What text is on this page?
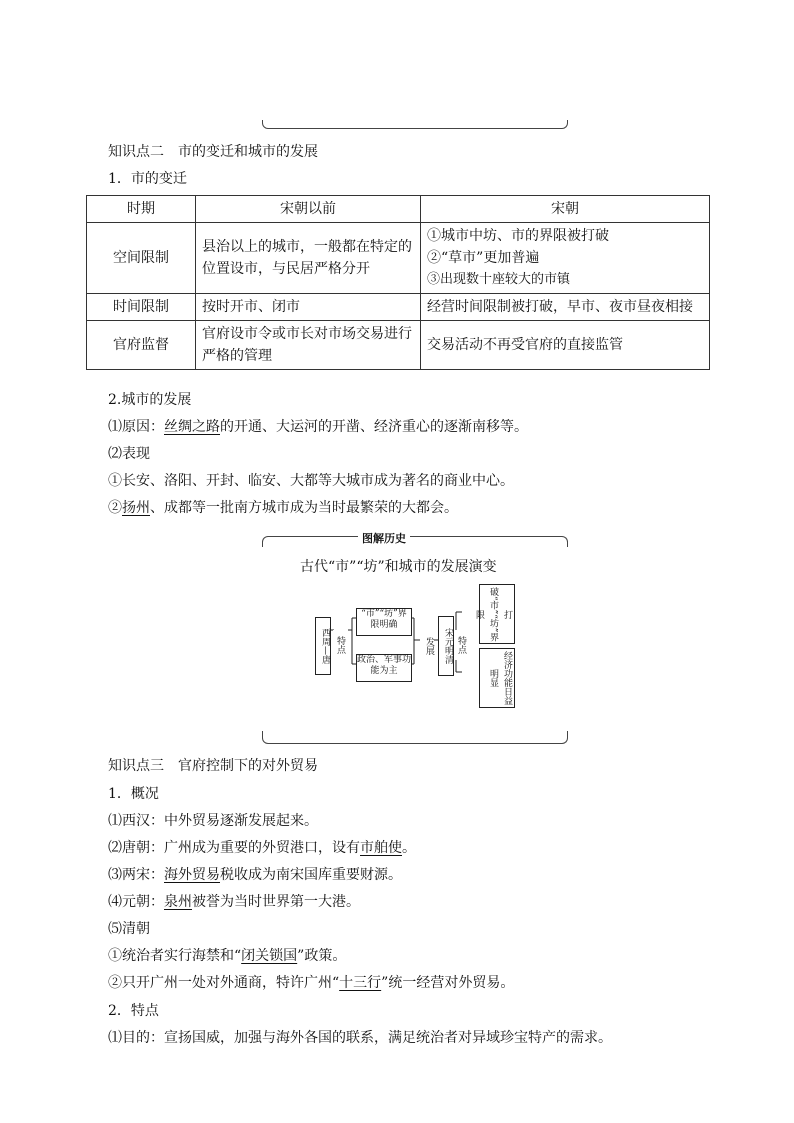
知识点二　市的变迁和城市的发展
1．市的变迁
时期	宋朝以前	宋朝
空间限制	县治以上的城市，一般都在特定的位置设市，与民居严格分开	①城市中坊、市的界限被打破
②“草市”更加普遍
③出现数十座较大的市镇

时间限制	按时开市、闭市	经营时间限制被打破，早市、夜市昼夜相接
官府监督	官府设市令或市长对市场交易进行严格的管理	交易活动不再受官府的直接监管
2.城市的发展
⑴原因：丝绸之路的开通、大运河的开凿、经济重心的逐渐南移等。
⑵表现
①长安、洛阳、开封、临安、大都等大城市成为著名的商业中心。
②扬州、成都等一批南方城市成为当时最繁荣的大都会。
图解历史
古代“市”“坊”和城市的发展演变
西周—唐 特点
“市”“坊”界限明确
政治、军事功能为主
发展	宋元明清 特点
打破“市”“坊”界限
经济功能日益明显
知识点三　官府控制下的对外贸易
1．概况
⑴西汉：中外贸易逐渐发展起来。
⑵唐朝：广州成为重要的外贸港口，设有市舶使。
⑶两宋：海外贸易税收成为南宋国库重要财源。
⑷元朝：泉州被誉为当时世界第一大港。
⑸清朝
①统治者实行海禁和“闭关锁国”政策。
②只开广州一处对外通商，特许广州“十三行”统一经营对外贸易。
2．特点
⑴目的：宣扬国威，加强与海外各国的联系，满足统治者对异域珍宝特产的需求。
